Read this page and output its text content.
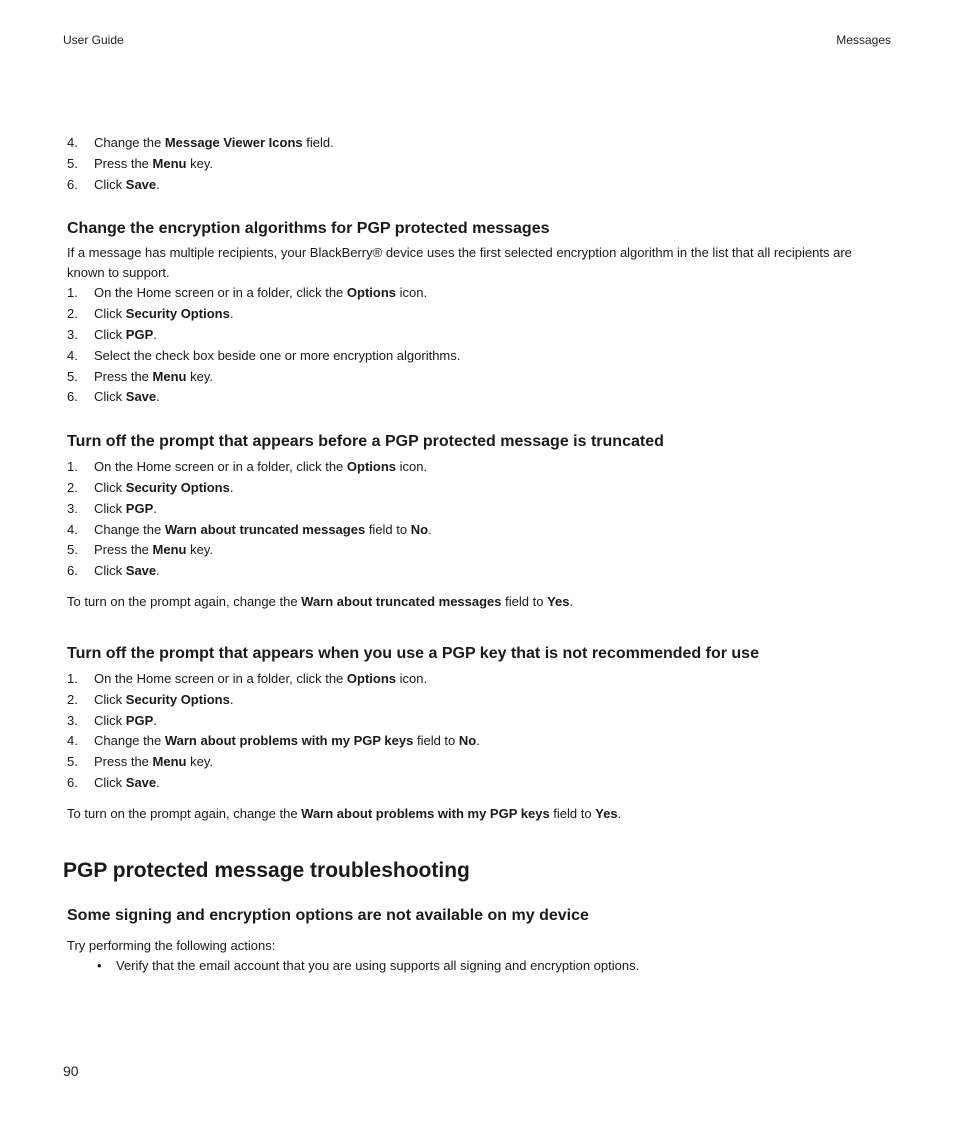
User Guide	Messages
4. Change the Message Viewer Icons field.
5. Press the Menu key.
6. Click Save.
Change the encryption algorithms for PGP protected messages

If a message has multiple recipients, your BlackBerry® device uses the first selected encryption algorithm in the list that all recipients are known to support.

1. On the Home screen or in a folder, click the Options icon.
2. Click Security Options.
3. Click PGP.
4. Select the check box beside one or more encryption algorithms.
5. Press the Menu key.
6. Click Save.
Turn off the prompt that appears before a PGP protected message is truncated
1. On the Home screen or in a folder, click the Options icon.
2. Click Security Options.
3. Click PGP.
4. Change the Warn about truncated messages field to No.
5. Press the Menu key.
6. Click Save.

To turn on the prompt again, change the Warn about truncated messages field to Yes.

Turn off the prompt that appears when you use a PGP key that is not recommended for use
1. On the Home screen or in a folder, click the Options icon.
2. Click Security Options.
3. Click PGP.
4. Change the Warn about problems with my PGP keys field to No.
5. Press the Menu key.
6. Click Save.

To turn on the prompt again, change the Warn about problems with my PGP keys field to Yes.

PGP protected message troubleshooting
Some signing and encryption options are not available on my device

Try performing the following actions:

• Verify that the email account that you are using supports all signing and encryption options.
90
